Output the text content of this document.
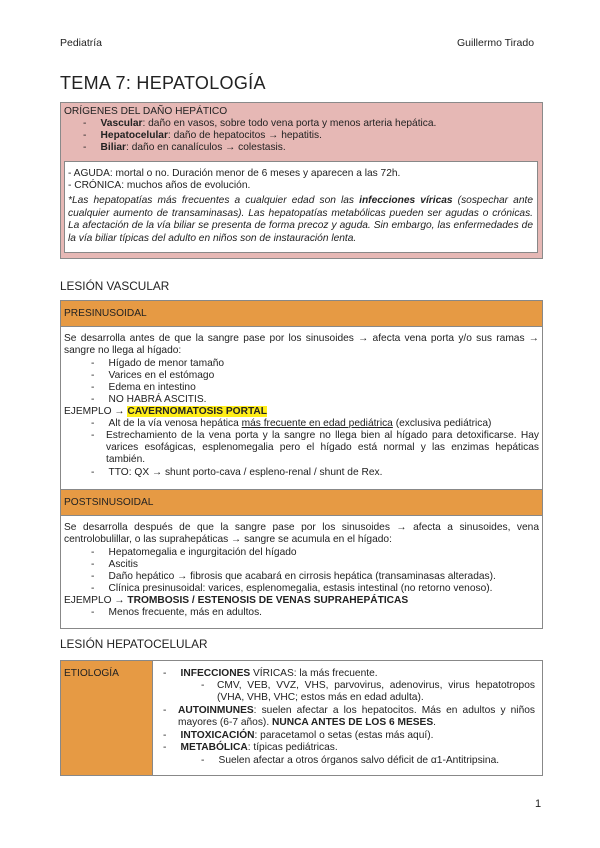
Pediatría	Guillermo Tirado
TEMA 7: HEPATOLOGÍA
ORÍGENES DEL DAÑO HEPÁTICO
-     Vascular: daño en vasos, sobre todo vena porta y menos arteria hepática.
-     Hepatocelular: daño de hepatocitos → hepatitis.
-     Biliar: daño en canalículos → colestasis.
- AGUDA: mortal o no. Duración menor de 6 meses y aparecen a las 72h.
- CRÓNICA: muchos años de evolución.
*Las hepatopatías más frecuentes a cualquier edad son las infecciones víricas (sospechar ante cualquier aumento de transaminasas). Las hepatopatías metabólicas pueden ser agudas o crónicas. La afectación de la vía biliar se presenta de forma precoz y aguda. Sin embargo, las enfermedades de la vía biliar típicas del adulto en niños son de instauración lenta.
LESIÓN VASCULAR
PRESINUSOIDAL
Se desarrolla antes de que la sangre pase por los sinusoides → afecta vena porta y/o sus ramas → sangre no llega al hígado:
-     Hígado de menor tamaño
-     Varices en el estómago
-     Edema en intestino
-     NO HABRÁ ASCITIS.
EJEMPLO → CAVERNOMATOSIS PORTAL
-     Alt de la vía venosa hepática más frecuente en edad pediátrica (exclusiva pediátrica)
- Estrechamiento de la vena porta y la sangre no llega bien al hígado para detoxificarse. Hay varices esofágicas, esplenomegalia pero el hígado está normal y las enzimas hepáticas también.
-     TTO: QX → shunt porto-cava / espleno-renal / shunt de Rex.
POSTSINUSOIDAL
Se desarrolla después de que la sangre pase por los sinusoides → afecta a sinusoides, vena centrolobulillar, o las suprahepáticas → sangre se acumula en el hígado:
-     Hepatomegalia e ingurgitación del hígado
-     Ascitis
-     Daño hepático → fibrosis que acabará en cirrosis hepática (transaminasas alteradas).
-     Clínica presinusoidal: varices, esplenomegalia, estasis intestinal (no retorno venoso).
EJEMPLO → TROMBOSIS / ESTENOSIS DE VENAS SUPRAHEPÁTICAS
-     Menos frecuente, más en adultos.
LESIÓN HEPATOCELULAR
ETIOLOGÍA	-     INFECCIONES VÍRICAS: la más frecuente.
- CMV, VEB, VVZ, VHS, parvovirus, adenovirus, virus hepatotropos (VHA, VHB, VHC; estos más en edad adulta).
- AUTOINMUNES: suelen afectar a los hepatocitos. Más en adultos y niños mayores (6-7 años). NUNCA ANTES DE LOS 6 MESES.
-     INTOXICACIÓN: paracetamol o setas (estas más aquí).
-     METABÓLICA: típicas pediátricas.
-     Suelen afectar a otros órganos salvo déficit de α1-Antitripsina.
1
